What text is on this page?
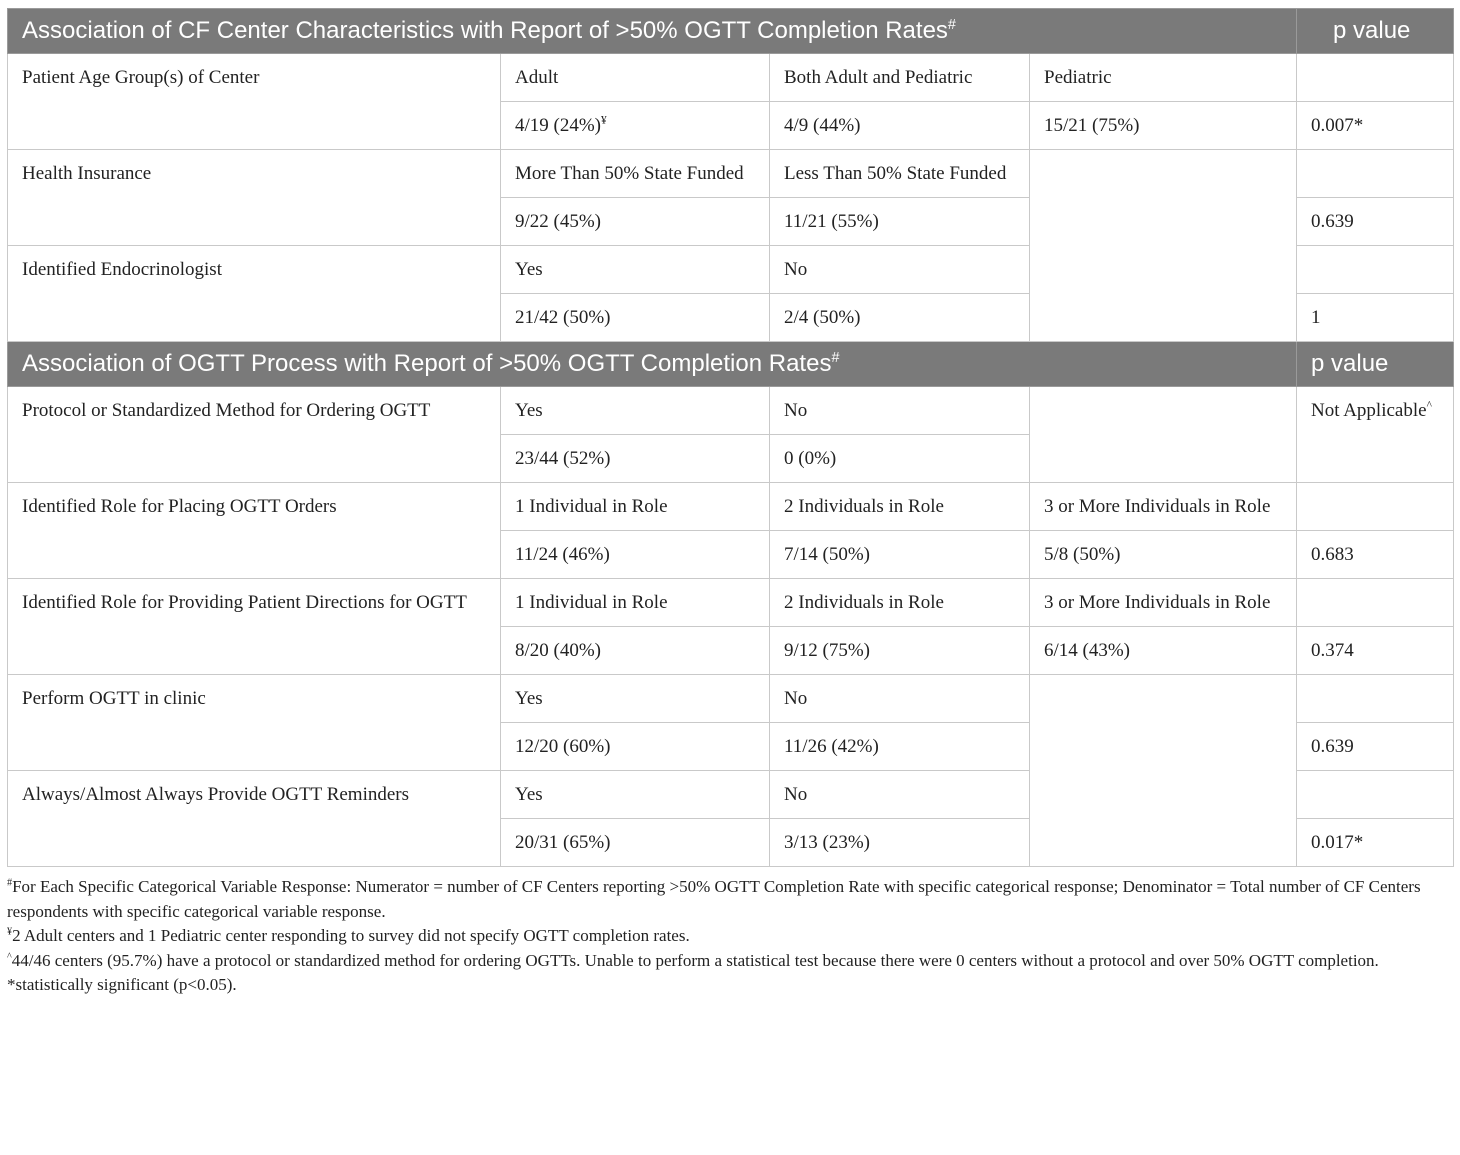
Association of CF Center Characteristics with Report of >50% OGTT Completion Rates#				p value
Patient Age Group(s) of Center	Adult	Both Adult and Pediatric	Pediatric	
	4/19 (24%)¥	4/9 (44%)	15/21 (75%)	0.007*
Health Insurance	More Than 50% State Funded	Less Than 50% State Funded		
	9/22 (45%)	11/21 (55%)		0.639
Identified Endocrinologist	Yes	No		
	21/42 (50%)	2/4 (50%)		1
Association of OGTT Process with Report of >50% OGTT Completion Rates#				p value
Protocol or Standardized Method for Ordering OGTT	Yes	No		Not Applicable^
	23/44 (52%)	0 (0%)		
Identified Role for Placing OGTT Orders	1 Individual in Role	2 Individuals in Role	3 or More Individuals in Role	
	11/24 (46%)	7/14 (50%)	5/8 (50%)	0.683
Identified Role for Providing Patient Directions for OGTT	1 Individual in Role	2 Individuals in Role	3 or More Individuals in Role	
	8/20 (40%)	9/12 (75%)	6/14 (43%)	0.374
Perform OGTT in clinic	Yes	No		
	12/20 (60%)	11/26 (42%)		0.639
Always/Almost Always Provide OGTT Reminders	Yes	No		
	20/31 (65%)	3/13 (23%)		0.017*

#For Each Specific Categorical Variable Response: Numerator = number of CF Centers reporting >50% OGTT Completion Rate with specific categorical response; Denominator = Total number of CF Centers respondents with specific categorical variable response.

¥2 Adult centers and 1 Pediatric center responding to survey did not specify OGTT completion rates.

^44/46 centers (95.7%) have a protocol or standardized method for ordering OGTTs. Unable to perform a statistical test because there were 0 centers without a protocol and over 50% OGTT completion.

*statistically significant (p<0.05).
